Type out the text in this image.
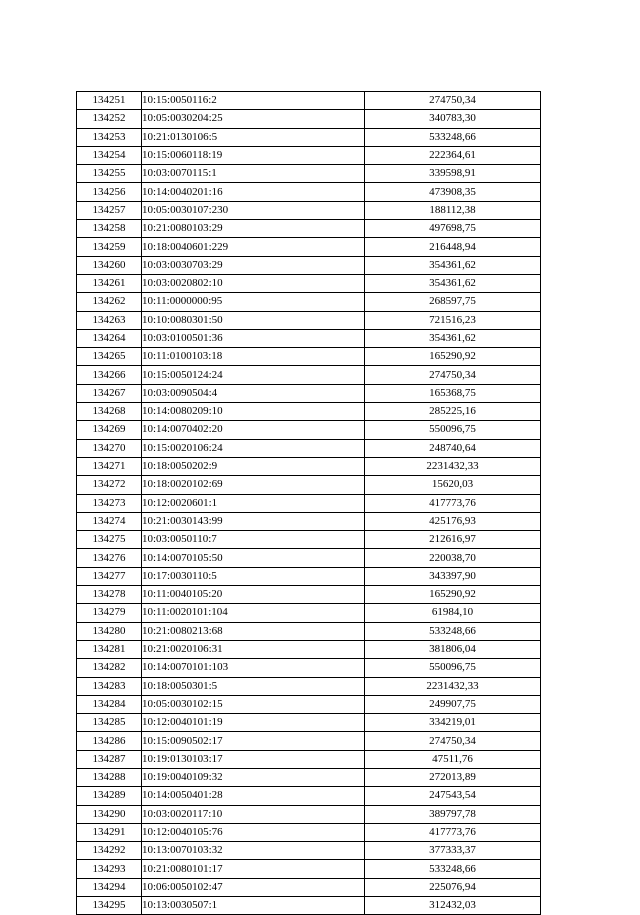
134251	10:15:0050116:2	274750,34
134252	10:05:0030204:25	340783,30
134253	10:21:0130106:5	533248,66
134254	10:15:0060118:19	222364,61
134255	10:03:0070115:1	339598,91
134256	10:14:0040201:16	473908,35
134257	10:05:0030107:230	188112,38
134258	10:21:0080103:29	497698,75
134259	10:18:0040601:229	216448,94
134260	10:03:0030703:29	354361,62
134261	10:03:0020802:10	354361,62
134262	10:11:0000000:95	268597,75
134263	10:10:0080301:50	721516,23
134264	10:03:0100501:36	354361,62
134265	10:11:0100103:18	165290,92
134266	10:15:0050124:24	274750,34
134267	10:03:0090504:4	165368,75
134268	10:14:0080209:10	285225,16
134269	10:14:0070402:20	550096,75
134270	10:15:0020106:24	248740,64
134271	10:18:0050202:9	2231432,33
134272	10:18:0020102:69	15620,03
134273	10:12:0020601:1	417773,76
134274	10:21:0030143:99	425176,93
134275	10:03:0050110:7	212616,97
134276	10:14:0070105:50	220038,70
134277	10:17:0030110:5	343397,90
134278	10:11:0040105:20	165290,92
134279	10:11:0020101:104	61984,10
134280	10:21:0080213:68	533248,66
134281	10:21:0020106:31	381806,04
134282	10:14:0070101:103	550096,75
134283	10:18:0050301:5	2231432,33
134284	10:05:0030102:15	249907,75
134285	10:12:0040101:19	334219,01
134286	10:15:0090502:17	274750,34
134287	10:19:0130103:17	47511,76
134288	10:19:0040109:32	272013,89
134289	10:14:0050401:28	247543,54
134290	10:03:0020117:10	389797,78
134291	10:12:0040105:76	417773,76
134292	10:13:0070103:32	377333,37
134293	10:21:0080101:17	533248,66
134294	10:06:0050102:47	225076,94
134295	10:13:0030507:1	312432,03
